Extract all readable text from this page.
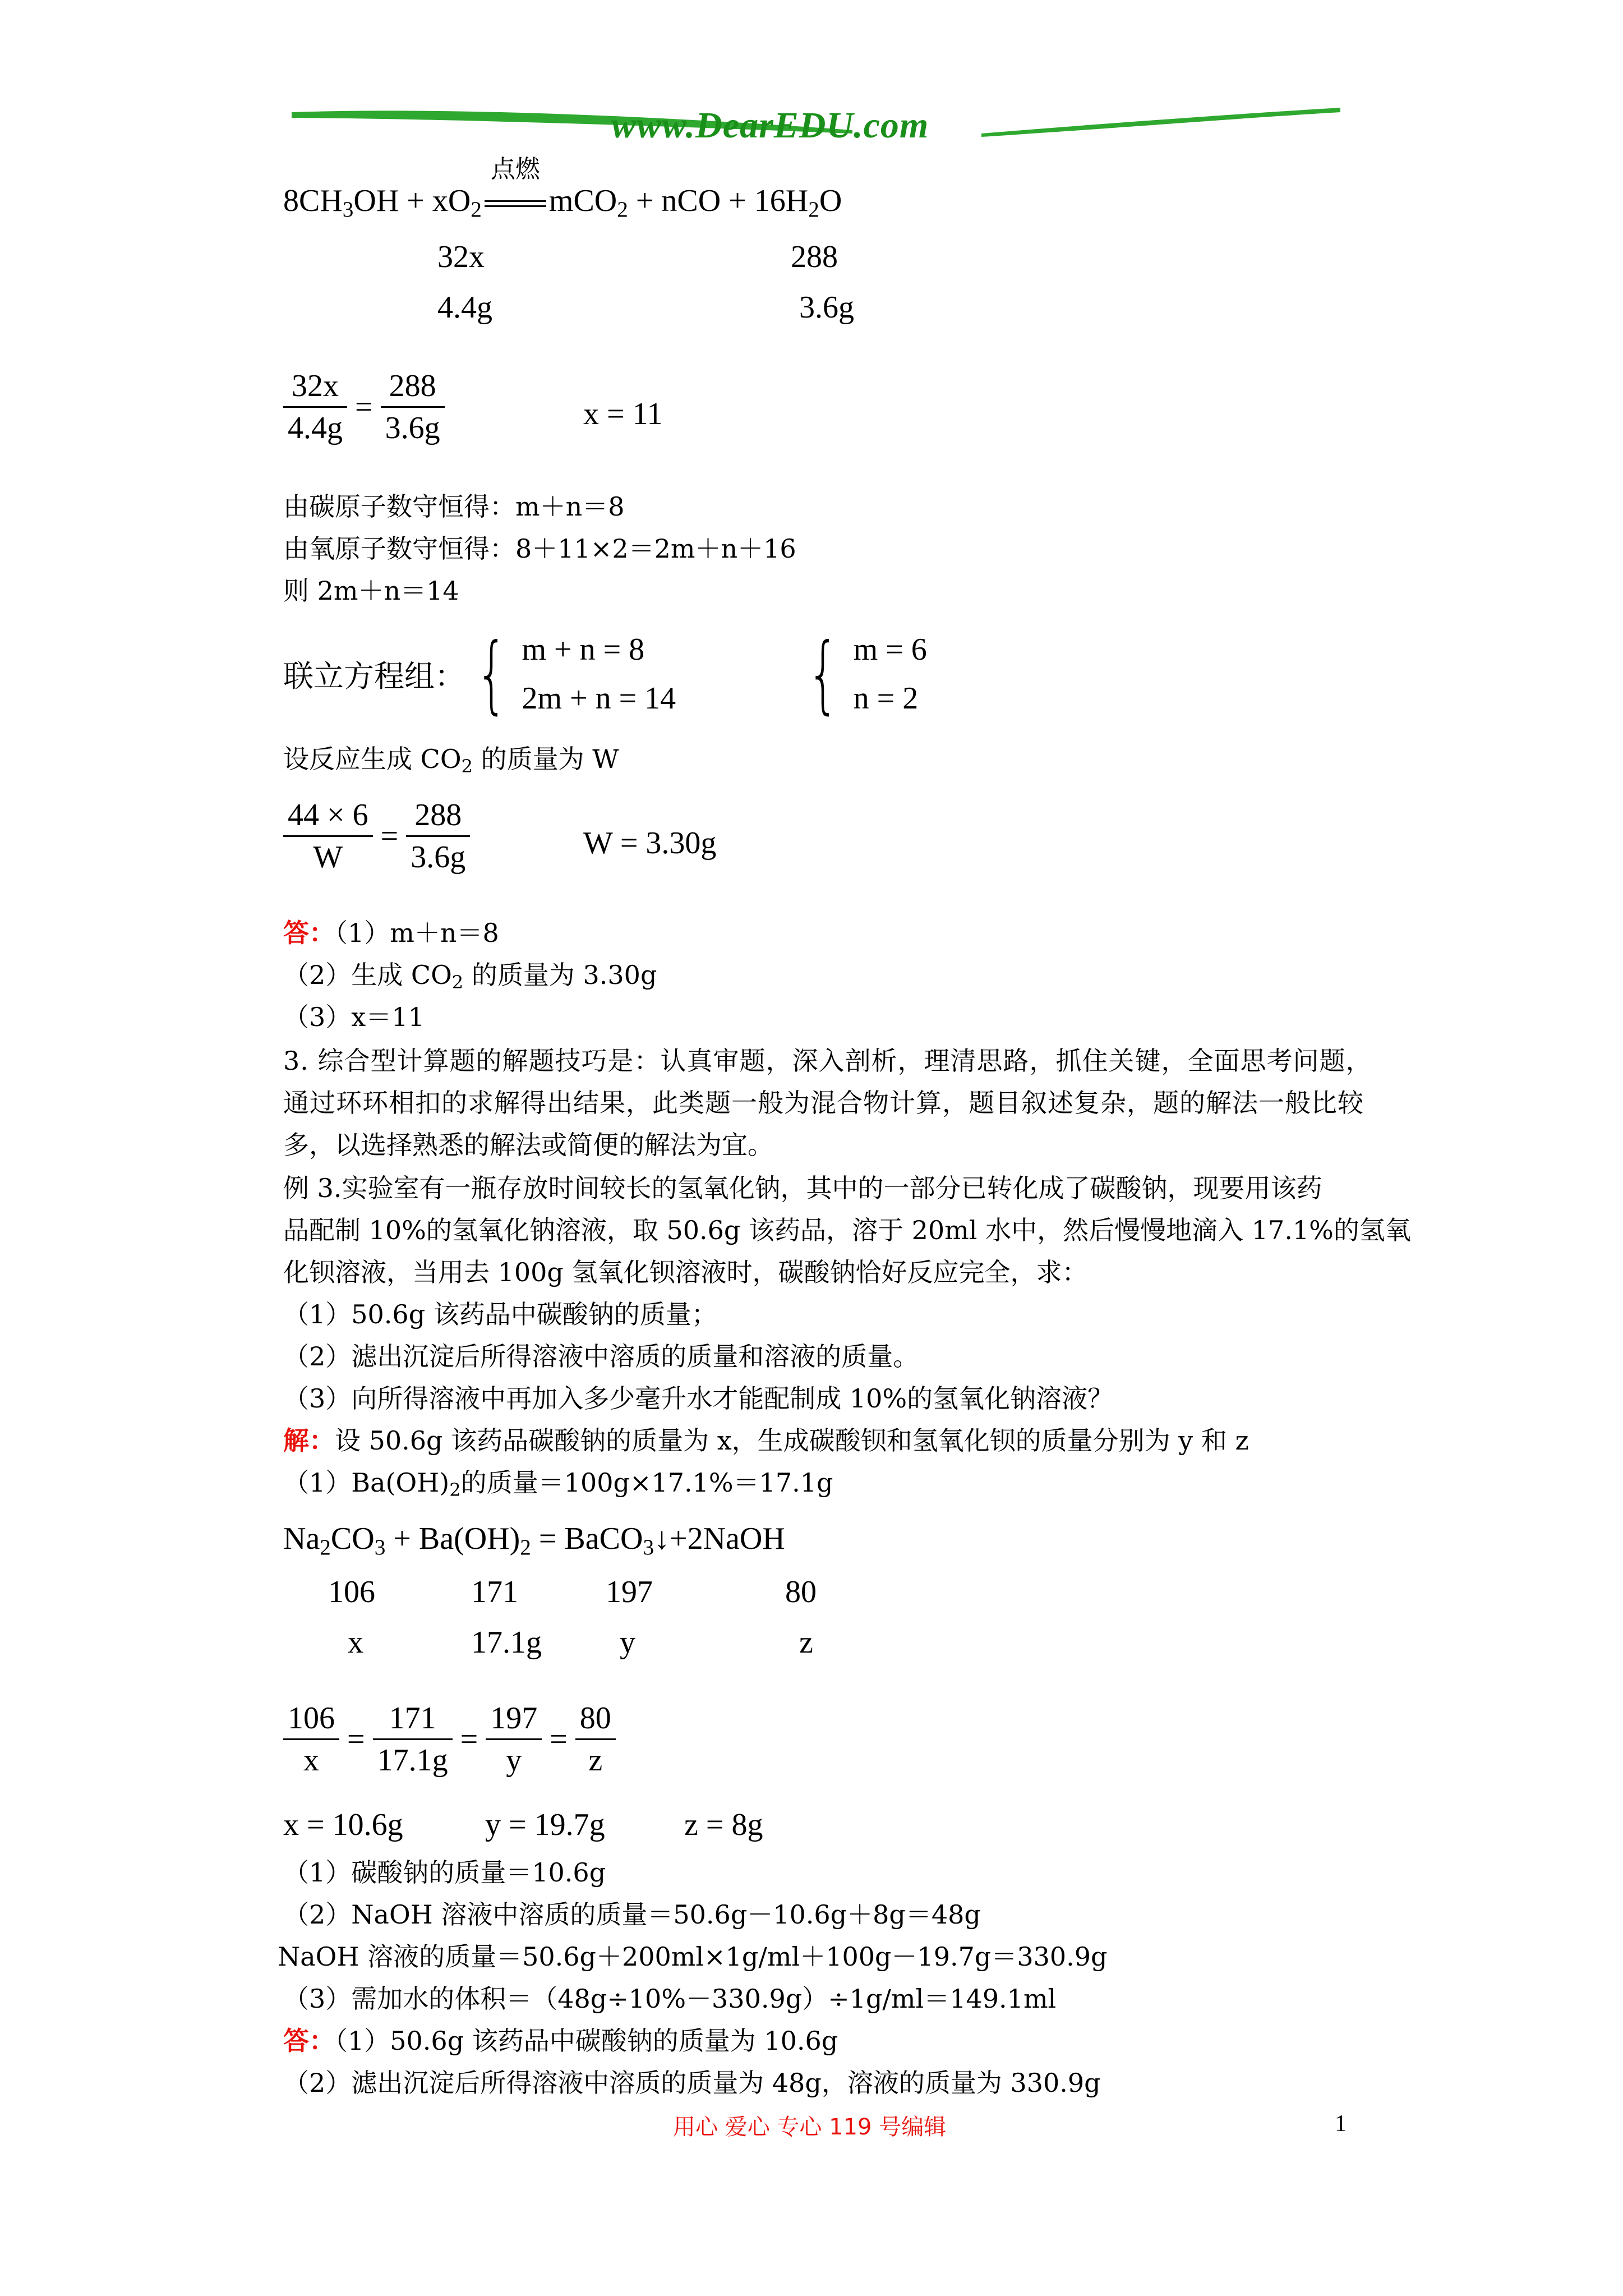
www.DearEDU.com
$8CH_3OH + xO_2$
点燃
mCO$_2$ + nCO + $16H_2O$
32x	288
4.4g	3.6g
$\frac{32x}{4.4g} = \frac{288}{3.6g}$	x = 11
由碳原子数守恒得：m＋n＝8
由氧原子数守恒得：8＋11×2＝2m＋n＋16
则 2m＋n＝14
联立方程组： { m + n = 8
2m + n = 14 { m = 6
n = 2
设反应生成 $CO_2$ 的质量为 W
$\frac{44 \times 6}{W} = \frac{288}{3.6g}$	W = 3.30g
答：（1）m＋n＝8
（2）生成 $CO_2$ 的质量为 3.30g
（3）x＝11
3. 综合型计算题的解题技巧是：认真审题，深入剖析，理清思路，抓住关键，全面思考问题，
通过环环相扣的求解得出结果，此类题一般为混合物计算，题目叙述复杂，题的解法一般比较
多，以选择熟悉的解法或简便的解法为宜。
例 3.实验室有一瓶存放时间较长的氢氧化钠，其中的一部分已转化成了碳酸钠，现要用该药
品配制 10%的氢氧化钠溶液，取 50.6g 该药品，溶于 20ml 水中，然后慢慢地滴入 17.1%的氢氧
化钡溶液，当用去 100g 氢氧化钡溶液时，碳酸钠恰好反应完全，求：
（1）50.6g 该药品中碳酸钠的质量；
（2）滤出沉淀后所得溶液中溶质的质量和溶液的质量。
（3）向所得溶液中再加入多少毫升水才能配制成 10%的氢氧化钠溶液？
解：设 50.6g 该药品碳酸钠的质量为 x，生成碳酸钡和氢氧化钡的质量分别为 y 和 z
$(1)Ba(OH)_2$的质量＝100g×17.1%＝17.1g
$Na_2CO_3 + Ba(OH)_2$ = BaCO$_3$↓+2NaOH
106	171	197	80
x	17.1g y	z
$\frac{106}{x} = \frac{171}{17.1g} = \frac{197}{y} = \frac{80}{z}$
x = 10.6g	y = 19.7g	z = 8g
（1）碳酸钠的质量＝10.6g
（2）NaOH 溶液中溶质的质量＝50.6g－10.6g＋8g＝48g
NaOH 溶液的质量＝50.6g＋200ml×1g/ml＋100g－19.7g＝330.9g
（3）需加水的体积＝（48g÷10%－330.9g）÷1g/ml＝149.1ml
答：（1）50.6g 该药品中碳酸钠的质量为 10.6g
（2）滤出沉淀后所得溶液中溶质的质量为 48g，溶液的质量为 330.9g
用心 爱心 专心 119 号编辑	1
